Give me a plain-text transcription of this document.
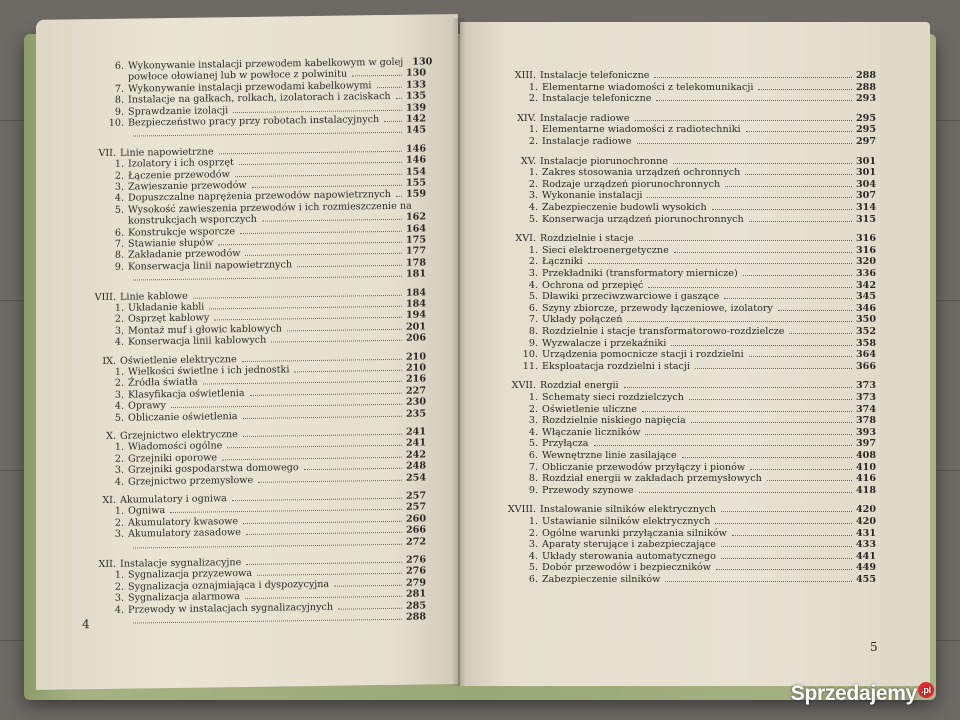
6. Wykonywanie instalacji przewodem kabelkowym w golej 130
powłoce ołowianej lub w powłoce z polwinitu	130
7. Wykonywanie instalacji przewodami kabelkowymi	133
8. Instalacje na gałkach, rolkach, izolatorach i zaciskach	135
9. Sprawdzanie izolacji	139
10. Bezpieczeństwo pracy przy robotach instalacyjnych	142
145
VII. Linie napowietrzne	146
1. Izolatory i ich osprzęt	146
2. Łączenie przewodów	154
3. Zawieszanie przewodów	155
4. Dopuszczalne naprężenia przewodów napowietrznych	159
5. Wysokość zawieszenia przewodów i ich rozmieszczenie na
konstrukcjach wsporczych	162
6. Konstrukcje wsporcze	164
7. Stawianie słupów	175
8. Zakładanie przewodów	177
9. Konserwacja linii napowietrznych	178
181
VIII. Linie kablowe	184
1. Układanie kabli	184
2. Osprzęt kablowy	194
3. Montaż muf i głowic kablowych	201
4. Konserwacja linii kablowych	206
IX. Oświetlenie elektryczne	210
1. Wielkości świetlne i ich jednostki	210
2. Źródła światła	216
3. Klasyfikacja oświetlenia	227
4. Oprawy	230
5. Obliczanie oświetlenia	235
X. Grzejnictwo elektryczne	241
1. Wiadomości ogólne	241
2. Grzejniki oporowe	242
3. Grzejniki gospodarstwa domowego	248
4. Grzejnictwo przemysłowe	254
XI. Akumulatory i ogniwa	257
1. Ogniwa	257
2. Akumulatory kwasowe	260
3. Akumulatory zasadowe	266
272
XII. Instalacje sygnalizacyjne	276
1. Sygnalizacja przyzewowa	276
2. Sygnalizacja oznajmiająca i dyspozycyjna	279
3. Sygnalizacja alarmowa	281
4. Przewody w instalacjach sygnalizacyjnych	285
288
4
XIII. Instalacje telefoniczne	288
1. Elementarne wiadomości z telekomunikacji	288
2. Instalacje telefoniczne	293
XIV. Instalacje radiowe	295
1. Elementarne wiadomości z radiotechniki	295
2. Instalacje radiowe	297
XV. Instalacje piorunochronne	301
1. Zakres stosowania urządzeń ochronnych	301
2. Rodzaje urządzeń piorunochronnych	304
3. Wykonanie instalacji	307
4. Zabezpieczenie budowli wysokich	314
5. Konserwacja urządzeń piorunochronnych	315
XVI. Rozdzielnie i stacje	316
1. Sieci elektroenergetyczne	316
2. Łączniki	320
3. Przekładniki (transformatory miernicze)	336
4. Ochrona od przepięć	342
5. Dławiki przeciwzwarciowe i gaszące	345
6. Szyny zbiorcze, przewody łączeniowe, izolatory	346
7. Układy połączeń	350
8. Rozdzielnie i stacje transformatorowo-rozdzielcze	352
9. Wyzwalacze i przekaźniki	358
10. Urządzenia pomocnicze stacji i rozdzielni	364
11. Eksploatacja rozdzielni i stacji	366
XVII. Rozdział energii	373
1. Schematy sieci rozdzielczych	373
2. Oświetlenie uliczne	374
3. Rozdzielnie niskiego napięcia	378
4. Włączanie liczników	393
5. Przyłącza	397
6. Wewnętrzne linie zasilające	408
7. Obliczanie przewodów przyłączy i pionów	410
8. Rozdział energii w zakładach przemysłowych	416
9. Przewody szynowe	418
XVIII. Instalowanie silników elektrycznych	420
1. Ustawianie silników elektrycznych	420
2. Ogólne warunki przyłączania silników	431
3. Aparaty sterujące i zabezpieczające	433
4. Układy sterowania automatycznego	441
5. Dobór przewodów i bezpieczników	449
6. Zabezpieczenie silników	455
5
Sprzedajemy .pl
